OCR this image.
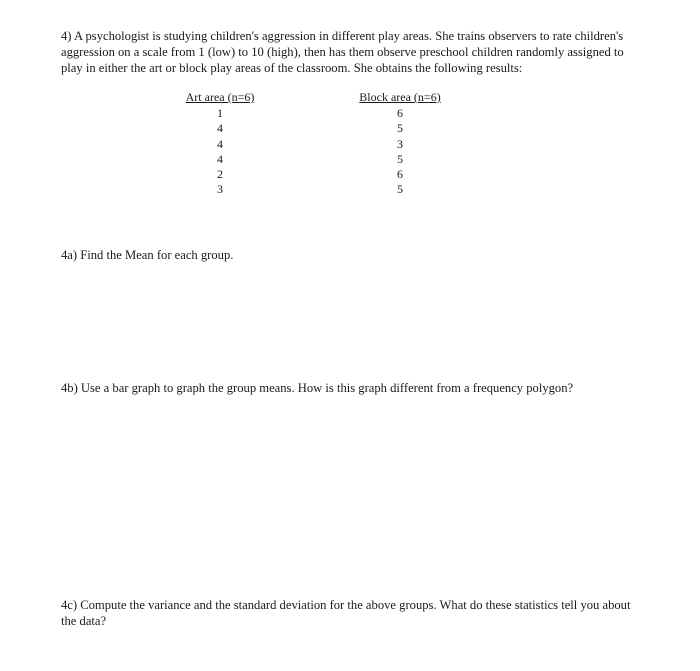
4) A psychologist is studying children's aggression in different play areas. She trains observers to rate children's aggression on a scale from 1 (low) to 10 (high), then has them observe preschool children randomly assigned to play in either the art or block play areas of the classroom. She obtains the following results:

Art area (n=6)
1
4
4
4
2
3
Block area (n=6)
6
5
3
5
6
5

4a) Find the Mean for each group.

4b) Use a bar graph to graph the group means. How is this graph different from a frequency polygon?

4c) Compute the variance and the standard deviation for the above groups. What do these statistics tell you about the data?
